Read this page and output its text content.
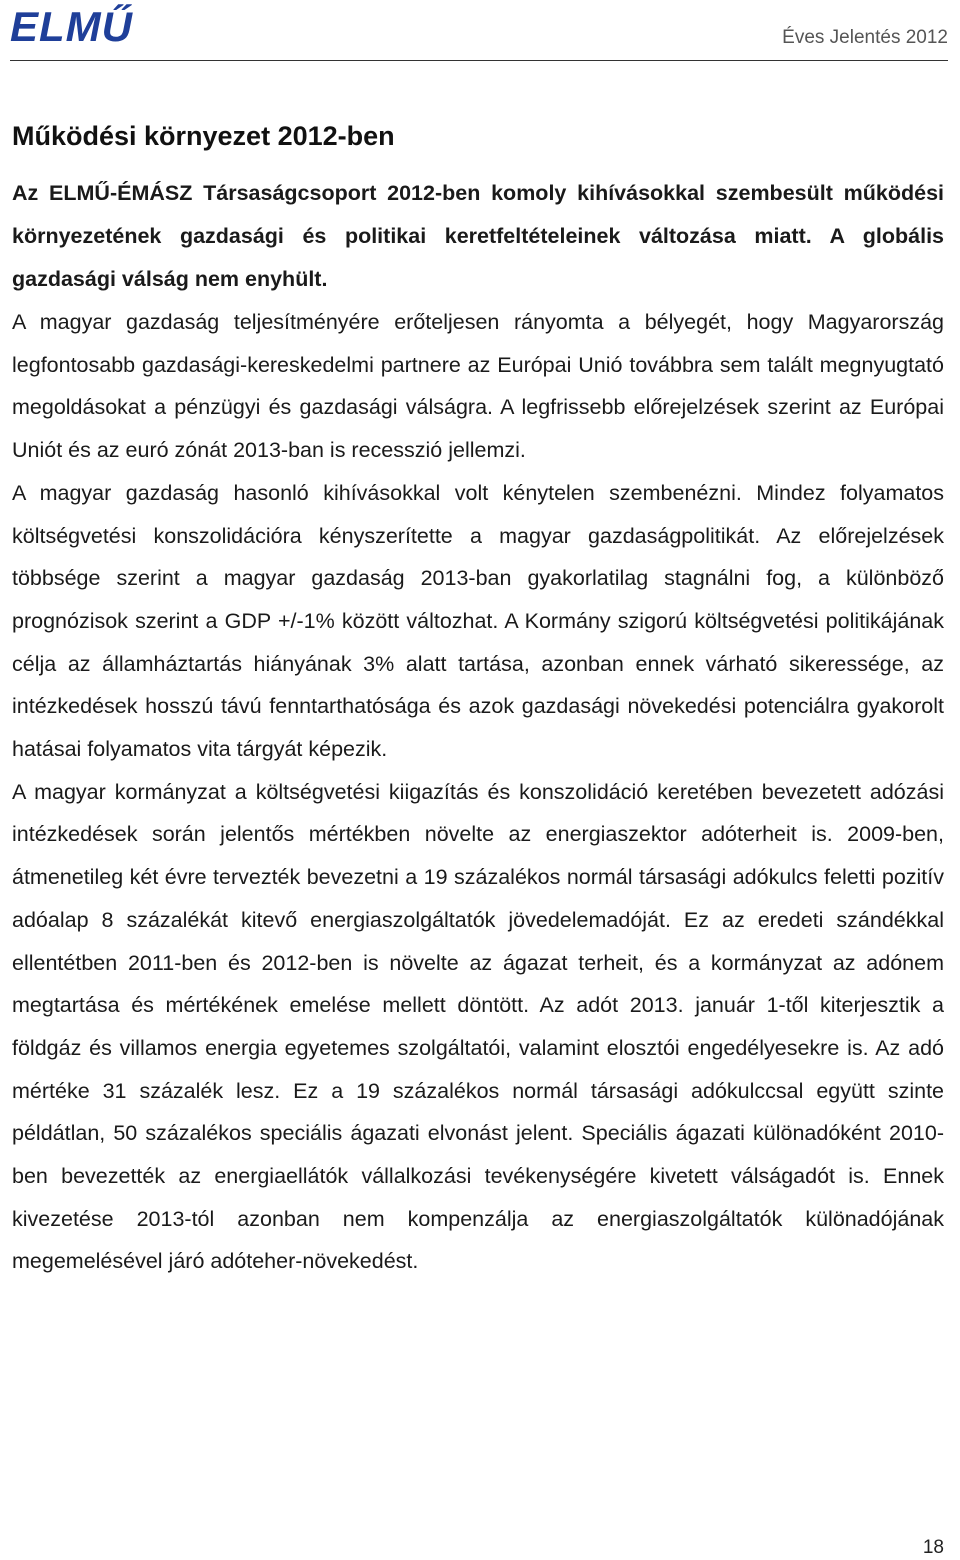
ELMŰ	Éves Jelentés 2012
Működési környezet 2012-ben

Az ELMŰ-ÉMÁSZ Társaságcsoport 2012-ben komoly kihívásokkal szembesült működési környezetének gazdasági és politikai keretfeltételeinek változása miatt. A globális gazdasági válság nem enyhült.

A magyar gazdaság teljesítményére erőteljesen rányomta a bélyegét, hogy Magyarország legfontosabb gazdasági-kereskedelmi partnere az Európai Unió továbbra sem talált megnyugtató megoldásokat a pénzügyi és gazdasági válságra. A legfrissebb előrejelzések szerint az Európai Uniót és az euró zónát 2013-ban is recesszió jellemzi.

A magyar gazdaság hasonló kihívásokkal volt kénytelen szembenézni. Mindez folyamatos költségvetési konszolidációra kényszerítette a magyar gazdaságpolitikát. Az előrejelzések többsége szerint a magyar gazdaság 2013-ban gyakorlatilag stagnálni fog, a különböző prognózisok szerint a GDP +/-1% között változhat. A Kormány szigorú költségvetési politikájának célja az államháztartás hiányának 3% alatt tartása, azonban ennek várható sikeressége, az intézkedések hosszú távú fenntarthatósága és azok gazdasági növekedési potenciálra gyakorolt hatásai folyamatos vita tárgyát képezik.

A magyar kormányzat a költségvetési kiigazítás és konszolidáció keretében bevezetett adózási intézkedések során jelentős mértékben növelte az energiaszektor adóterheit is. 2009-ben, átmenetileg két évre tervezték bevezetni a 19 százalékos normál társasági adókulcs feletti pozitív adóalap 8 százalékát kitevő energiaszolgáltatók jövedelemadóját. Ez az eredeti szándékkal ellentétben 2011-ben és 2012-ben is növelte az ágazat terheit, és a kormányzat az adónem megtartása és mértékének emelése mellett döntött. Az adót 2013. január 1-től kiterjesztik a földgáz és villamos energia egyetemes szolgáltatói, valamint elosztói engedélyesekre is. Az adó mértéke 31 százalék lesz. Ez a 19 százalékos normál társasági adókulccsal együtt szinte példátlan, 50 százalékos speciális ágazati elvonást jelent. Speciális ágazati különadóként 2010-ben bevezették az energiaellátók vállalkozási tevékenységére kivetett válságadót is. Ennek kivezetése 2013-tól azonban nem kompenzálja az energiaszolgáltatók különadójának megemelésével járó adóteher-növekedést.

18
